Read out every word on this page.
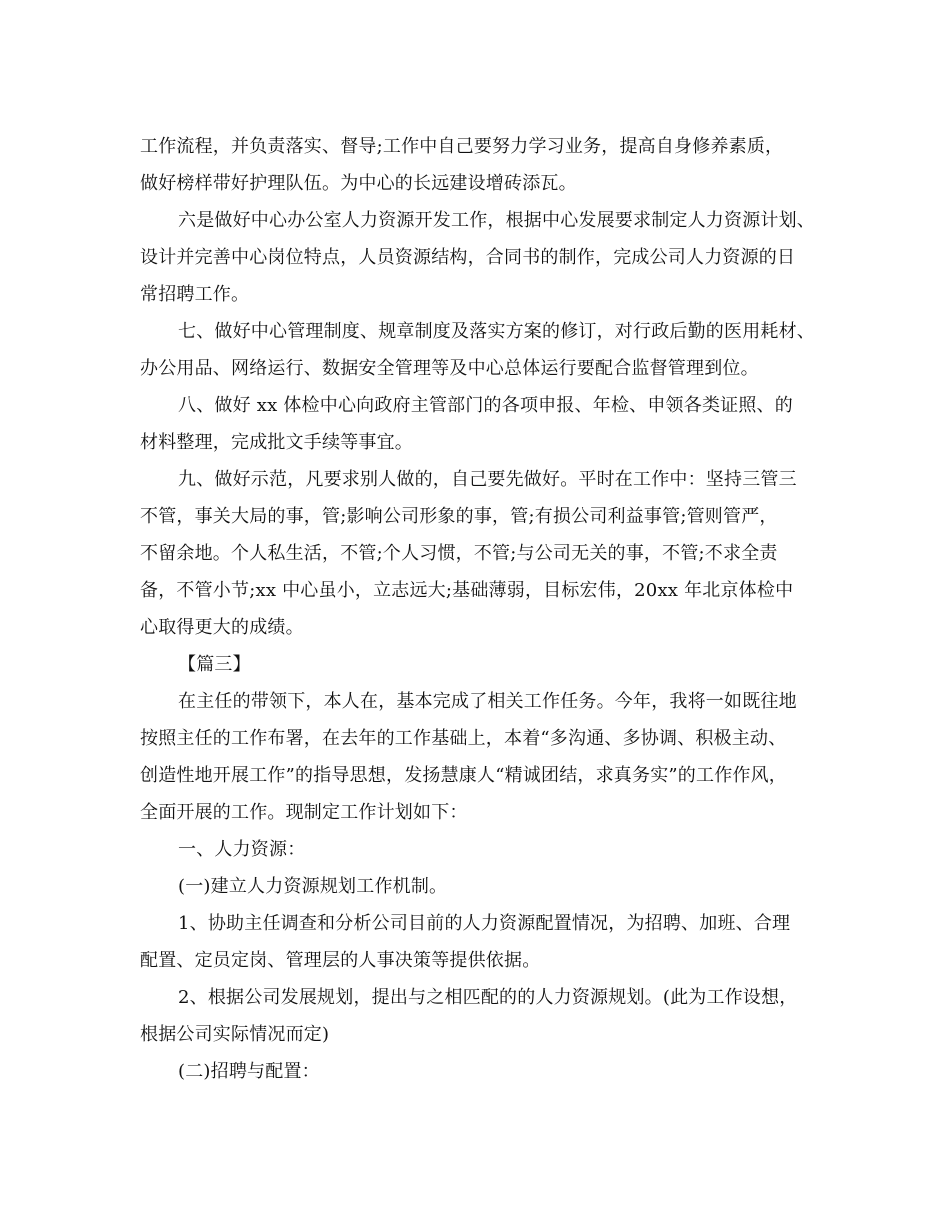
工作流程，并负责落实、督导;工作中自己要努力学习业务，提高自身修养素质，
做好榜样带好护理队伍。为中心的长远建设增砖添瓦。
六是做好中心办公室人力资源开发工作，根据中心发展要求制定人力资源计划、
设计并完善中心岗位特点，人员资源结构，合同书的制作，完成公司人力资源的日
常招聘工作。
七、做好中心管理制度、规章制度及落实方案的修订，对行政后勤的医用耗材、
办公用品、网络运行、数据安全管理等及中心总体运行要配合监督管理到位。
八、做好 xx 体检中心向政府主管部门的各项申报、年检、申领各类证照、的
材料整理，完成批文手续等事宜。
九、做好示范，凡要求别人做的，自己要先做好。平时在工作中：坚持三管三
不管，事关大局的事，管;影响公司形象的事，管;有损公司利益事管;管则管严，
不留余地。个人私生活，不管;个人习惯，不管;与公司无关的事，不管;不求全责
备，不管小节;xx 中心虽小，立志远大;基础薄弱，目标宏伟，20xx 年北京体检中
心取得更大的成绩。
【篇三】
在主任的带领下，本人在，基本完成了相关工作任务。今年，我将一如既往地
按照主任的工作布署，在去年的工作基础上，本着“多沟通、多协调、积极主动、
创造性地开展工作”的指导思想，发扬慧康人“精诚团结，求真务实”的工作作风，
全面开展的工作。现制定工作计划如下：
一、人力资源：
(一)建立人力资源规划工作机制。
1、协助主任调查和分析公司目前的人力资源配置情况，为招聘、加班、合理
配置、定员定岗、管理层的人事决策等提供依据。
2、根据公司发展规划，提出与之相匹配的的人力资源规划。(此为工作设想，
根据公司实际情况而定)
(二)招聘与配置：
